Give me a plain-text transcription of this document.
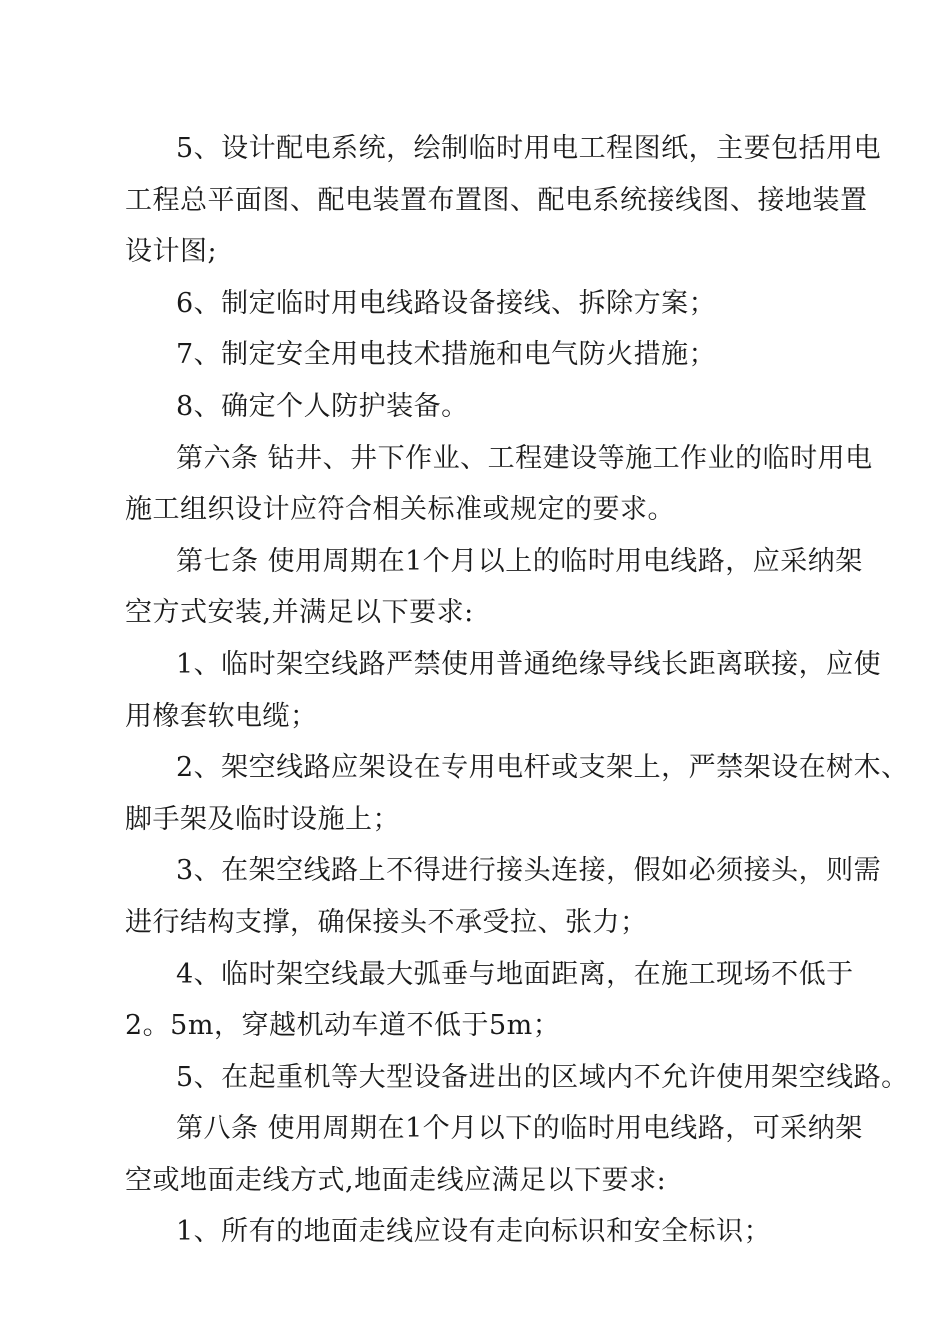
5、设计配电系统，绘制临时用电工程图纸，主要包括用电
工程总平面图、配电装置布置图、配电系统接线图、接地装置
设计图;
6、制定临时用电线路设备接线、拆除方案；
7、制定安全用电技术措施和电气防火措施；
8、确定个人防护装备。
第六条 钻井、井下作业、工程建设等施工作业的临时用电
施工组织设计应符合相关标准或规定的要求。
第七条 使用周期在1个月以上的临时用电线路，应采纳架
空方式安装,并满足以下要求:
1、临时架空线路严禁使用普通绝缘导线长距离联接，应使
用橡套软电缆；
2、架空线路应架设在专用电杆或支架上，严禁架设在树木、
脚手架及临时设施上；
3、在架空线路上不得进行接头连接，假如必须接头，则需
进行结构支撑，确保接头不承受拉、张力；
4、临时架空线最大弧垂与地面距离，在施工现场不低于
2。5m，穿越机动车道不低于5m；
5、在起重机等大型设备进出的区域内不允许使用架空线路。
第八条 使用周期在1个月以下的临时用电线路，可采纳架
空或地面走线方式,地面走线应满足以下要求:
1、所有的地面走线应设有走向标识和安全标识；
